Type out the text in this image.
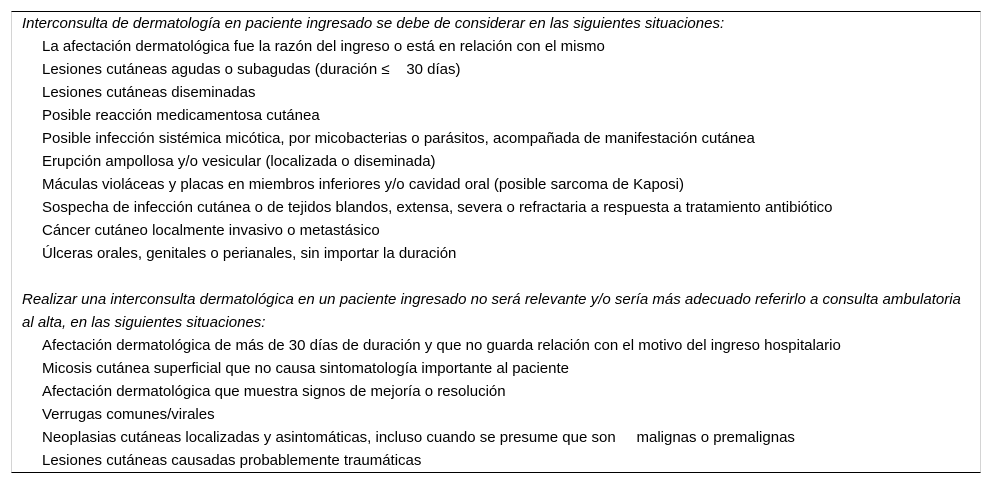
Interconsulta de dermatología en paciente ingresado se debe de considerar en las siguientes situaciones:

La afectación dermatológica fue la razón del ingreso o está en relación con el mismo
Lesiones cutáneas agudas o subagudas (duración ≤    30 días)
Lesiones cutáneas diseminadas
Posible reacción medicamentosa cutánea
Posible infección sistémica micótica, por micobacterias o parásitos, acompañada de manifestación cutánea
Erupción ampollosa y/o vesicular (localizada o diseminada)
Máculas violáceas y placas en miembros inferiores y/o cavidad oral (posible sarcoma de Kaposi)
Sospecha de infección cutánea o de tejidos blandos, extensa, severa o refractaria a respuesta a tratamiento antibiótico
Cáncer cutáneo localmente invasivo o metastásico
Úlceras orales, genitales o perianales, sin importar la duración

Realizar una interconsulta dermatológica en un paciente ingresado no será relevante y/o sería más adecuado referirlo a consulta ambulatoria al alta, en las siguientes situaciones:

Afectación dermatológica de más de 30 días de duración y que no guarda relación con el motivo del ingreso hospitalario
Micosis cutánea superficial que no causa sintomatología importante al paciente
Afectación dermatológica que muestra signos de mejoría o resolución
Verrugas comunes/virales
Neoplasias cutáneas localizadas y asintomáticas, incluso cuando se presume que son     malignas o premalignas
Lesiones cutáneas causadas probablemente traumáticas
